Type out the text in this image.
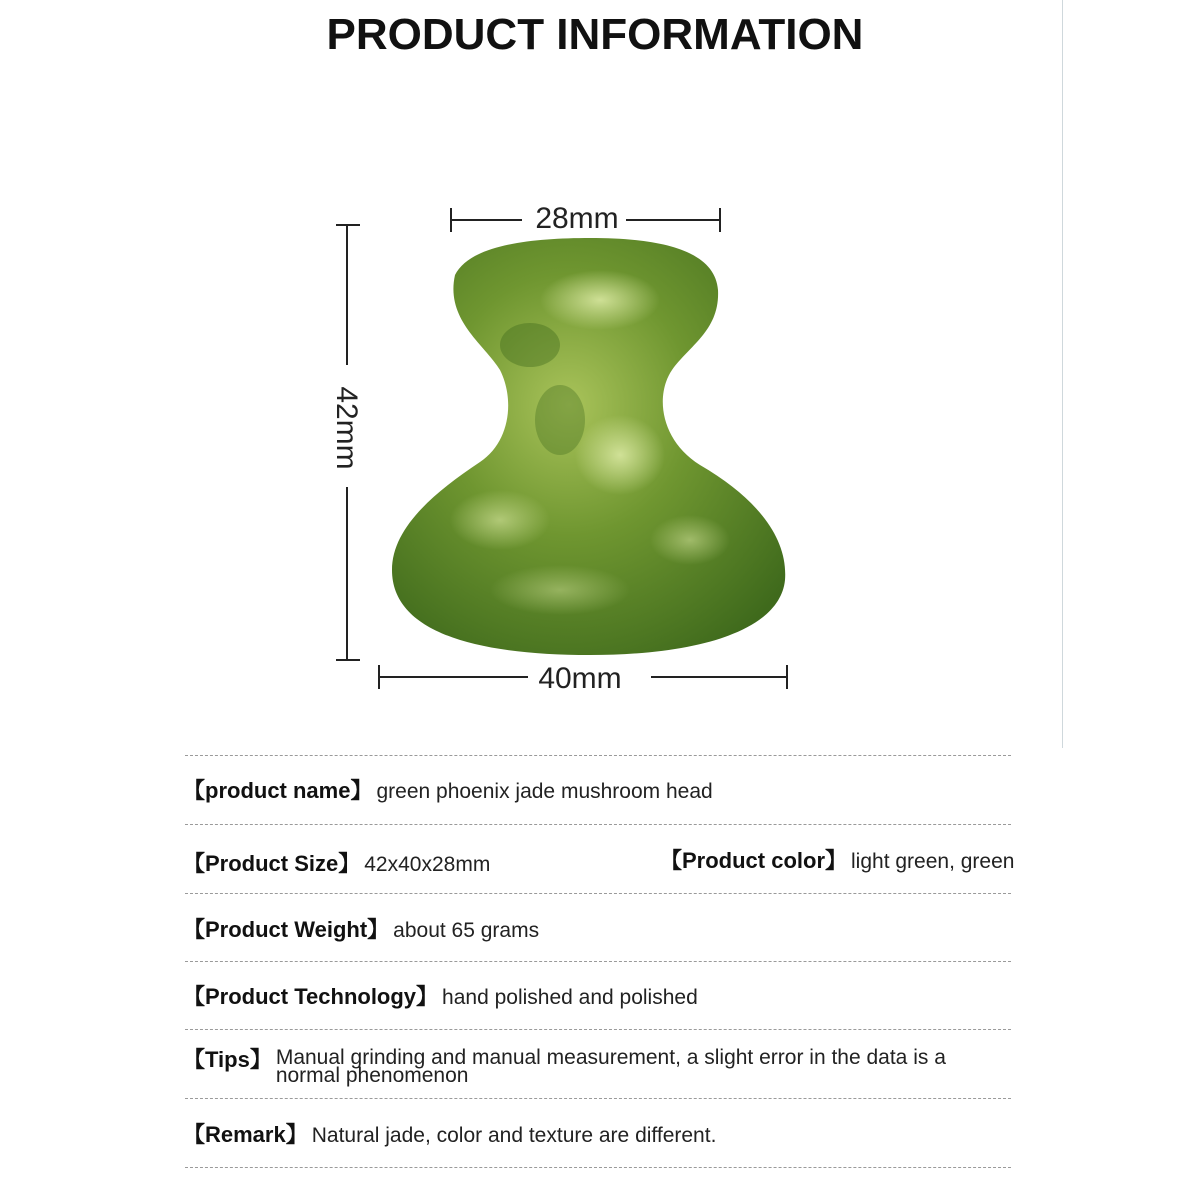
PRODUCT INFORMATION
28mm
42mm
40mm
【product name】 green phoenix jade mushroom head
【Product Size】 42x40x28mm	【Product color】 light green, green
【Product Weight】 about 65 grams
【Product Technology】 hand polished and polished
【Tips】 Manual grinding and manual measurement, a slight error in the data is a normal phenomenon
【Remark】 Natural jade, color and texture are different.
